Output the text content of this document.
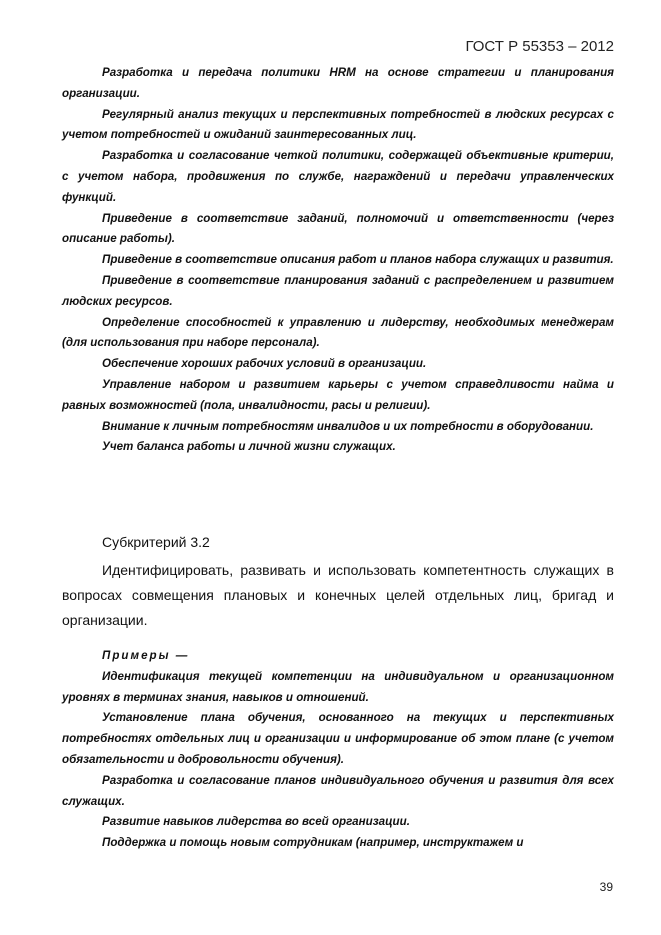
ГОСТ Р 55353 – 2012

Разработка и передача политики HRM на основе стратегии и планирования организации.

Регулярный анализ текущих и перспективных потребностей в людских ресурсах с учетом потребностей и ожиданий заинтересованных лиц.

Разработка и согласование четкой политики, содержащей объективные критерии, с учетом набора, продвижения по службе, награждений и передачи управленческих функций.

Приведение в соответствие заданий, полномочий и ответственности (через описание работы).

Приведение в соответствие описания работ и планов набора служащих и развития.

Приведение в соответствие планирования заданий с распределением и развитием людских ресурсов.

Определение способностей к управлению и лидерству, необходимых менеджерам (для использования при наборе персонала).

Обеспечение хороших рабочих условий в организации.

Управление набором и развитием карьеры с учетом справедливости найма и равных возможностей (пола, инвалидности, расы и религии).

Внимание к личным потребностям инвалидов и их потребности в оборудовании.

Учет баланса работы и личной жизни служащих.

Субкритерий 3.2

Идентифицировать, развивать и использовать компетентность служащих в вопросах совмещения плановых и конечных целей отдельных лиц, бригад и организации.

Примеры —

Идентификация текущей компетенции на индивидуальном и организационном уровнях в терминах знания, навыков и отношений.

Установление плана обучения, основанного на текущих и перспективных потребностях отдельных лиц и организации и информирование об этом плане (с учетом обязательности и добровольности обучения).

Разработка и согласование планов индивидуального обучения и развития для всех служащих.

Развитие навыков лидерства во всей организации.

Поддержка и помощь новым сотрудникам (например, инструктажем и

39
